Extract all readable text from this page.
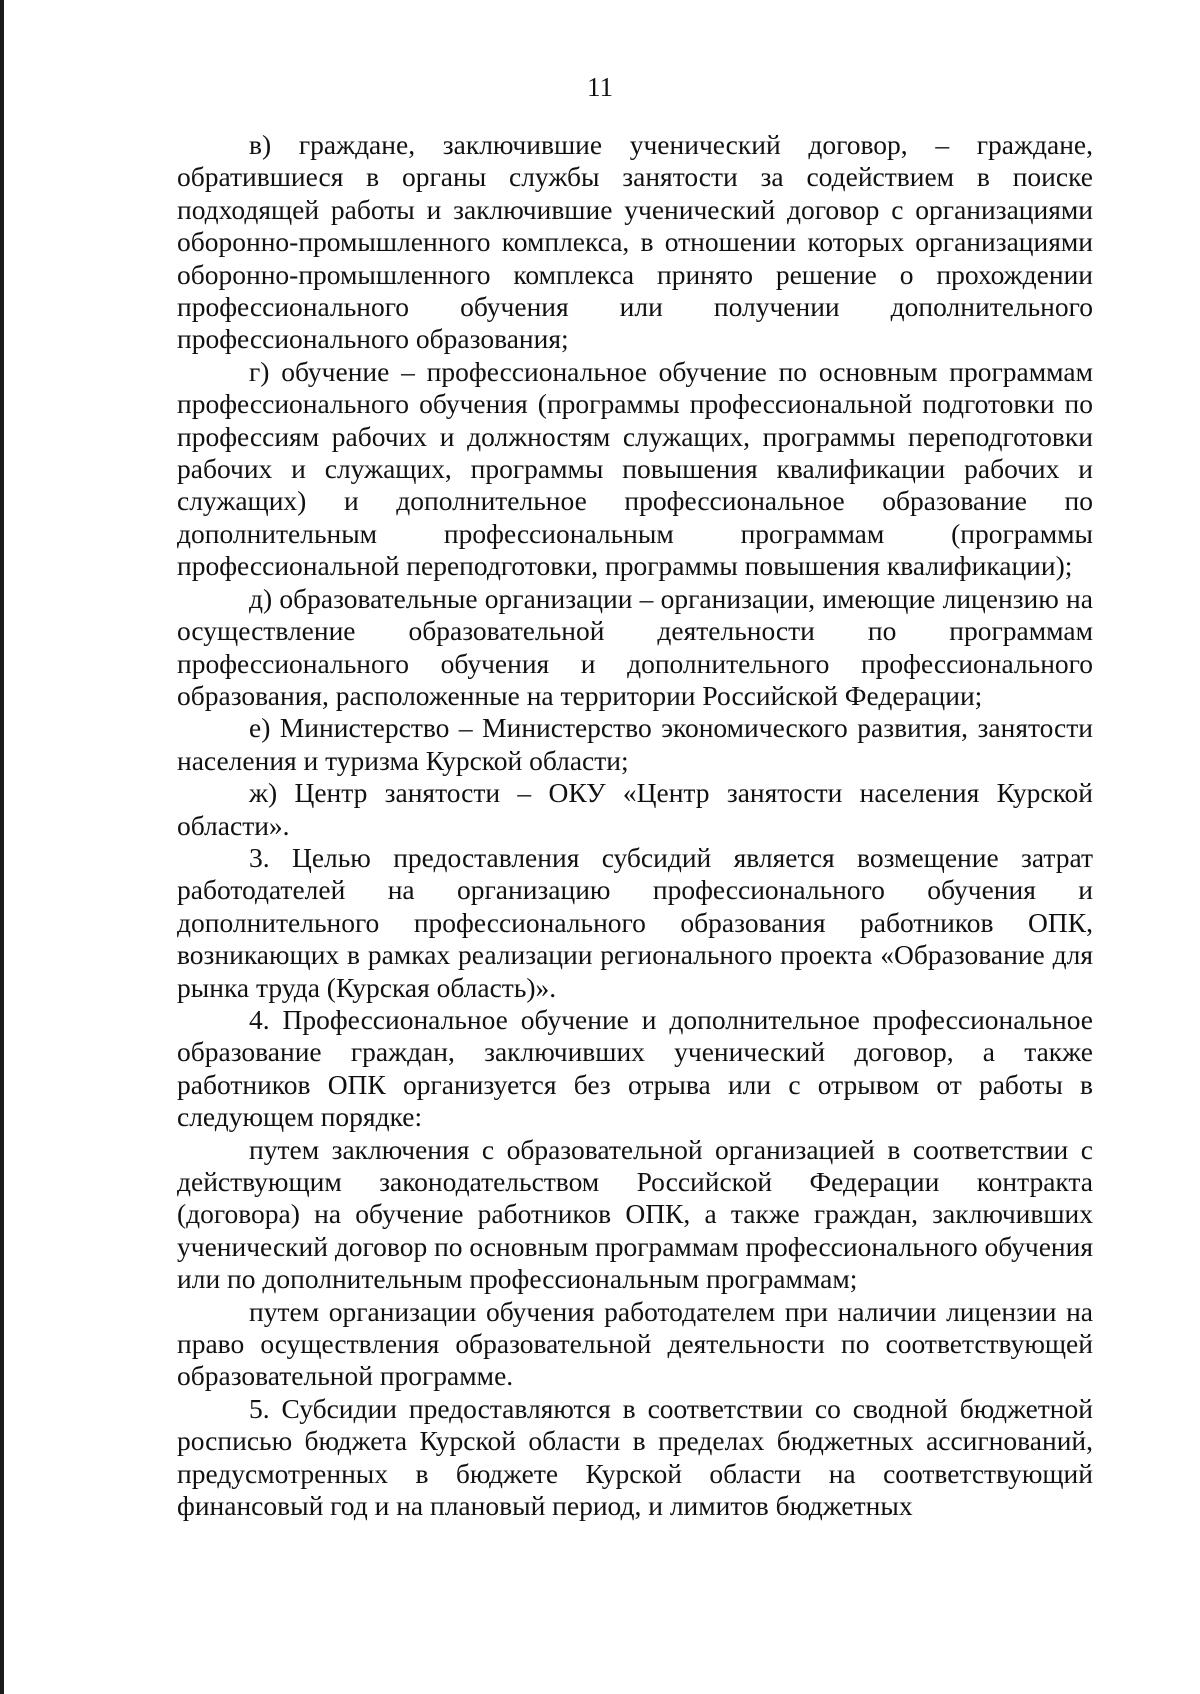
11

в) граждане, заключившие ученический договор, – граждане, обратившиеся в органы службы занятости за содействием в поиске подходящей работы и заключившие ученический договор с организациями оборонно-промышленного комплекса, в отношении которых организациями оборонно-промышленного комплекса принято решение о прохождении профессионального обучения или получении дополнительного профессионального образования;

г) обучение – профессиональное обучение по основным программам профессионального обучения (программы профессиональной подготовки по профессиям рабочих и должностям служащих, программы переподготовки рабочих и служащих, программы повышения квалификации рабочих и служащих) и дополнительное профессиональное образование по дополнительным профессиональным программам (программы профессиональной переподготовки, программы повышения квалификации);

д) образовательные организации – организации, имеющие лицензию на осуществление образовательной деятельности по программам профессионального обучения и дополнительного профессионального образования, расположенные на территории Российской Федерации;

е) Министерство – Министерство экономического развития, занятости населения и туризма Курской области;

ж) Центр занятости – ОКУ «Центр занятости населения Курской области».

3. Целью предоставления субсидий является возмещение затрат работодателей на организацию профессионального обучения и дополнительного профессионального образования работников ОПК, возникающих в рамках реализации регионального проекта «Образование для рынка труда (Курская область)».

4. Профессиональное обучение и дополнительное профессиональное образование граждан, заключивших ученический договор, а также работников ОПК организуется без отрыва или с отрывом от работы в следующем порядке:

путем заключения с образовательной организацией в соответствии с действующим законодательством Российской Федерации контракта (договора) на обучение работников ОПК, а также граждан, заключивших ученический договор по основным программам профессионального обучения или по дополнительным профессиональным программам;

путем организации обучения работодателем при наличии лицензии на право осуществления образовательной деятельности по соответствующей образовательной программе.

5. Субсидии предоставляются в соответствии со сводной бюджетной росписью бюджета Курской области в пределах бюджетных ассигнований, предусмотренных в бюджете Курской области на соответствующий финансовый год и на плановый период, и лимитов бюджетных
